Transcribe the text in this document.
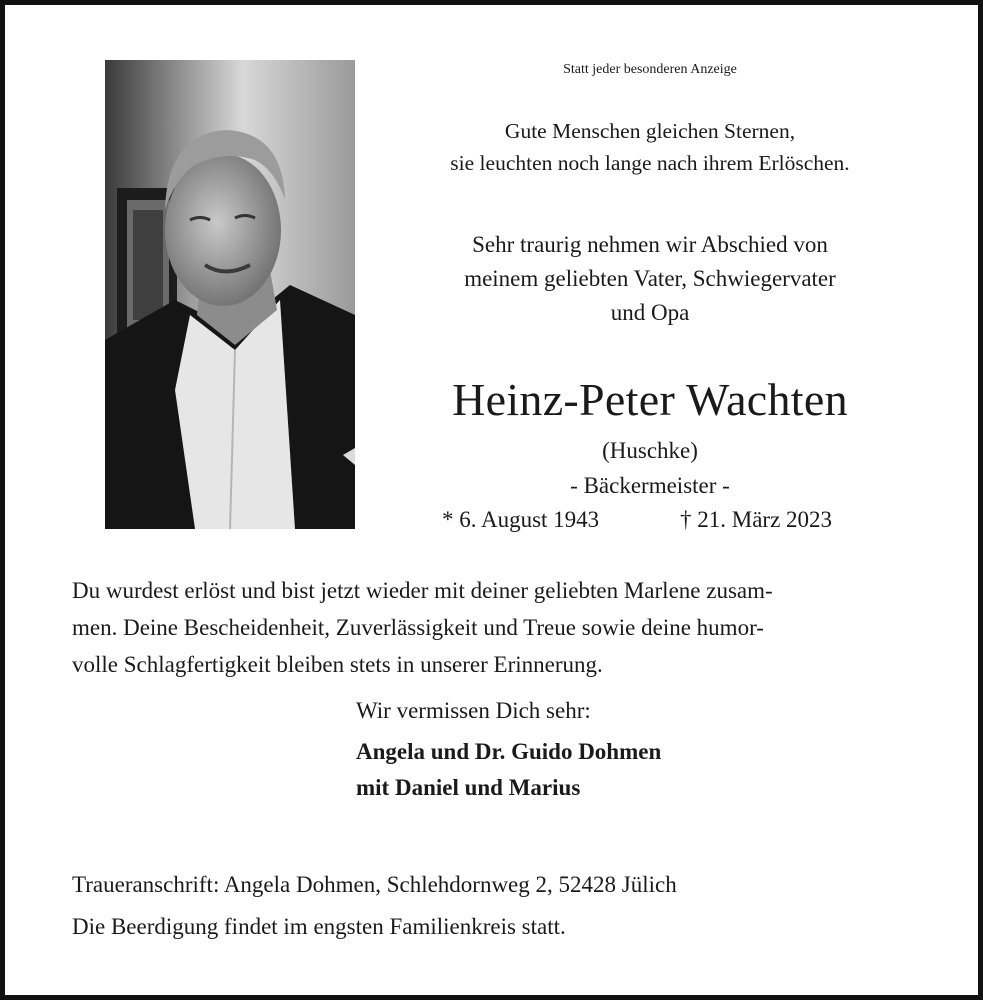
Statt jeder besonderen Anzeige
Gute Menschen gleichen Sternen,
sie leuchten noch lange nach ihrem Erlöschen.
Sehr traurig nehmen wir Abschied von
meinem geliebten Vater, Schwiegervater
und Opa
Heinz-Peter Wachten
(Huschke)
- Bäckermeister -
* 6. August 1943	† 21. März 2023
Du wurdest erlöst und bist jetzt wieder mit deiner geliebten Marlene zusam-
men. Deine Bescheidenheit, Zuverlässigkeit und Treue sowie deine humor-
volle Schlagfertigkeit bleiben stets in unserer Erinnerung.
Wir vermissen Dich sehr:
Angela und Dr. Guido Dohmen
mit Daniel und Marius
Traueranschrift: Angela Dohmen, Schlehdornweg 2, 52428 Jülich
Die Beerdigung findet im engsten Familienkreis statt.
